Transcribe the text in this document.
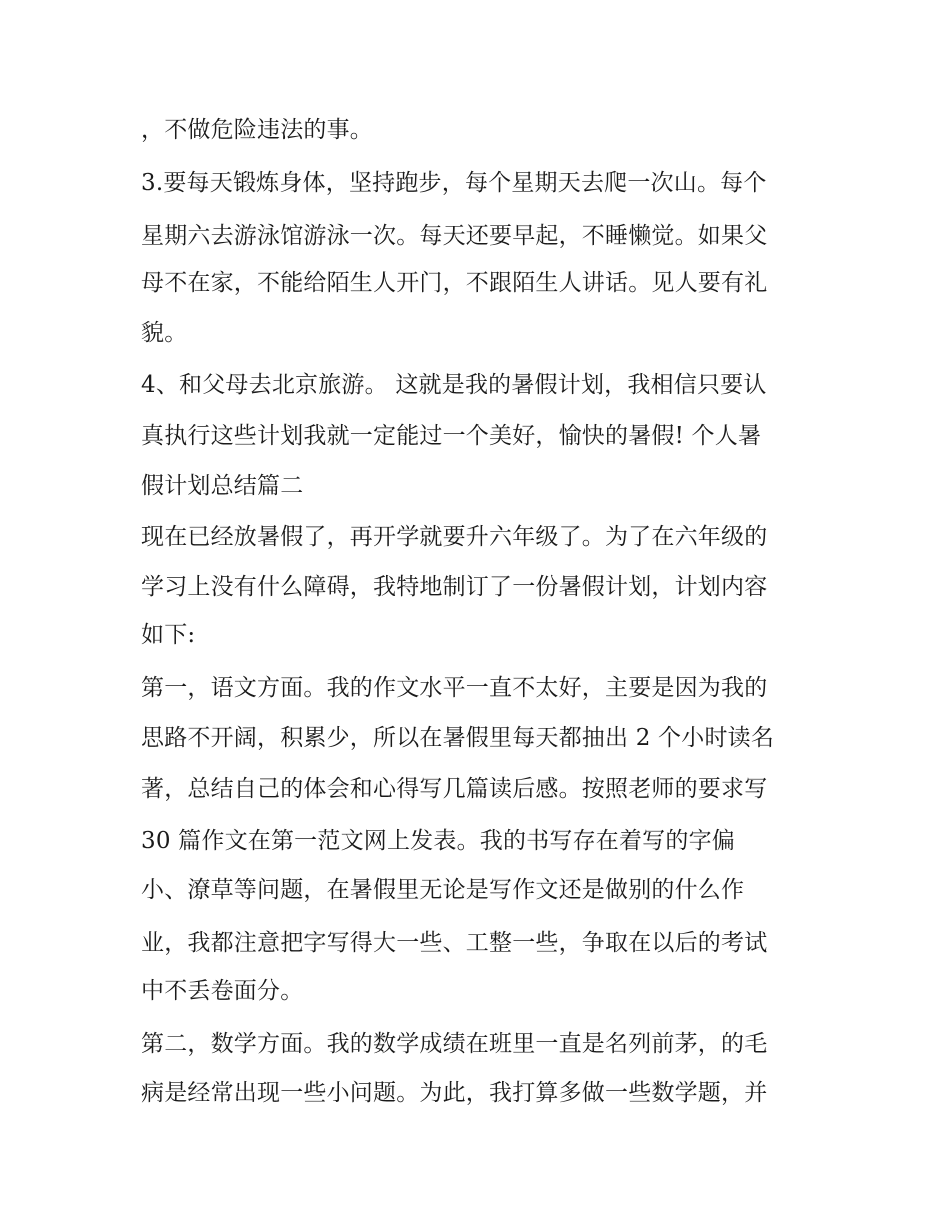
，不做危险违法的事。
3.要每天锻炼身体，坚持跑步，每个星期天去爬一次山。每个
星期六去游泳馆游泳一次。每天还要早起，不睡懒觉。如果父
母不在家，不能给陌生人开门，不跟陌生人讲话。见人要有礼
貌。
4、和父母去北京旅游。 这就是我的暑假计划，我相信只要认
真执行这些计划我就一定能过一个美好，愉快的暑假! 个人暑
假计划总结篇二
现在已经放暑假了，再开学就要升六年级了。为了在六年级的
学习上没有什么障碍，我特地制订了一份暑假计划，计划内容
如下:
第一，语文方面。我的作文水平一直不太好，主要是因为我的
思路不开阔，积累少，所以在暑假里每天都抽出 2 个小时读名
著，总结自己的体会和心得写几篇读后感。按照老师的要求写
30 篇作文在第一范文网上发表。我的书写存在着写的字偏
小、潦草等问题，在暑假里无论是写作文还是做别的什么作
业，我都注意把字写得大一些、工整一些，争取在以后的考试
中不丢卷面分。
第二，数学方面。我的数学成绩在班里一直是名列前茅，的毛
病是经常出现一些小问题。为此，我打算多做一些数学题，并
